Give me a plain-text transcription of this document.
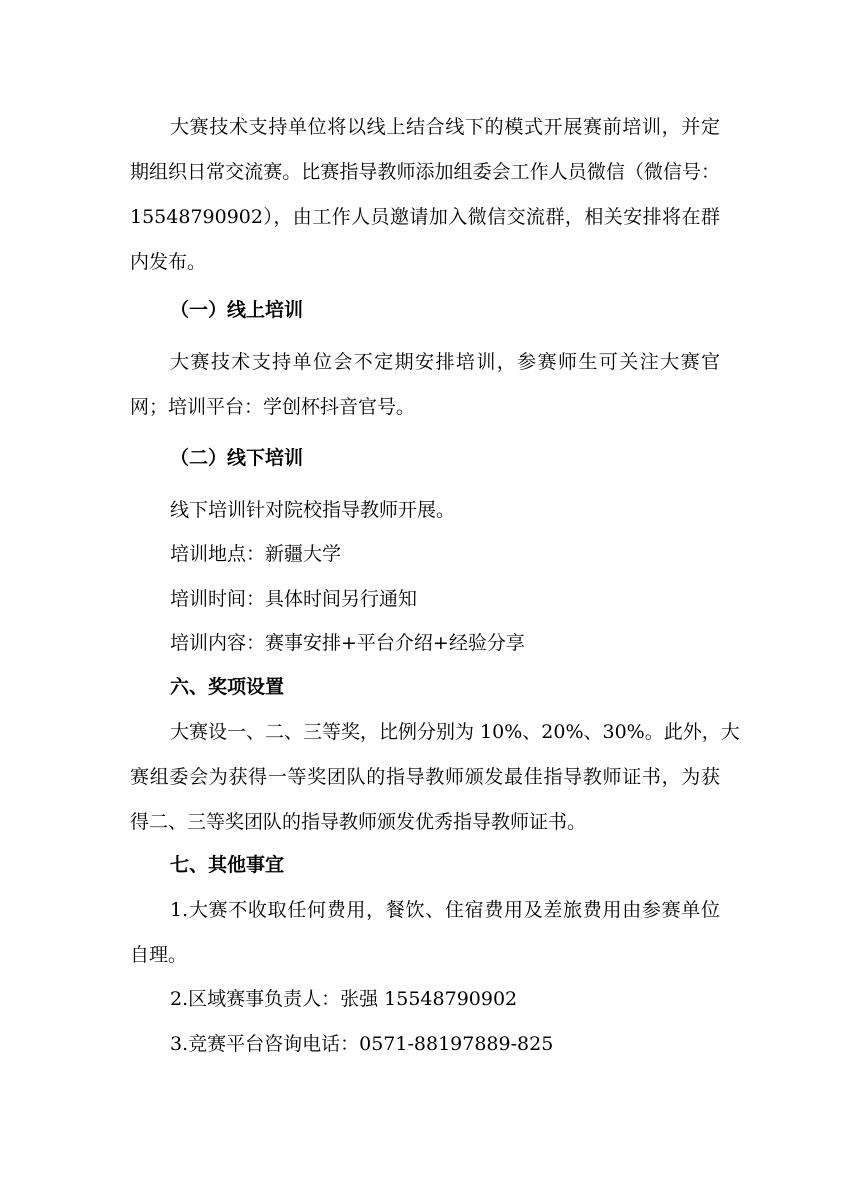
大赛技术支持单位将以线上结合线下的模式开展赛前培训，并定
期组织日常交流赛。比赛指导教师添加组委会工作人员微信（微信号：
15548790902），由工作人员邀请加入微信交流群，相关安排将在群
内发布。
（一）线上培训
大赛技术支持单位会不定期安排培训，参赛师生可关注大赛官
网；培训平台：学创杯抖音官号。
（二）线下培训
线下培训针对院校指导教师开展。
培训地点：新疆大学
培训时间：具体时间另行通知
培训内容：赛事安排+平台介绍+经验分享
六、奖项设置
大赛设一、二、三等奖，比例分别为 10%、20%、30%。此外，大
赛组委会为获得一等奖团队的指导教师颁发最佳指导教师证书，为获
得二、三等奖团队的指导教师颁发优秀指导教师证书。
七、其他事宜
1.大赛不收取任何费用，餐饮、住宿费用及差旅费用由参赛单位
自理。
2.区域赛事负责人：张强 15548790902
3.竞赛平台咨询电话：0571-88197889-825
